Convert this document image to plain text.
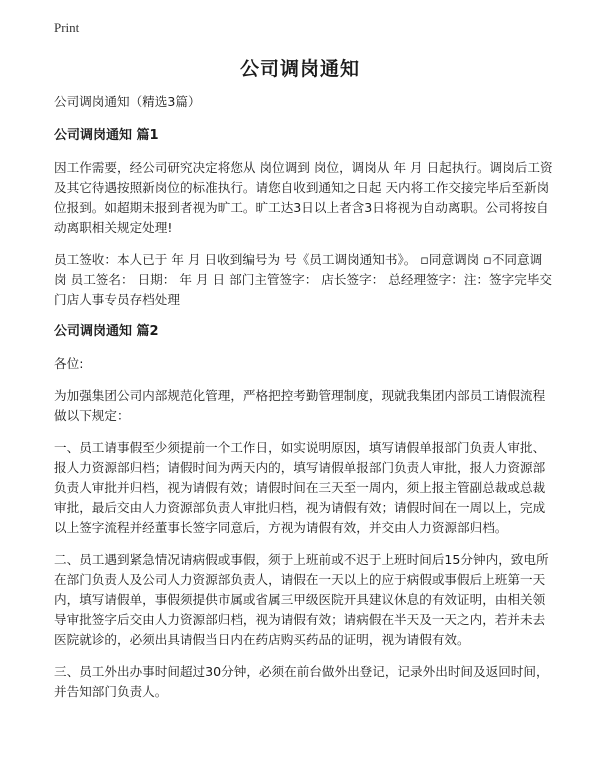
Print
公司调岗通知

公司调岗通知（精选3篇）

公司调岗通知 篇1

因工作需要，经公司研究决定将您从 岗位调到 岗位，调岗从 年 月 日起执行。调岗后工资及其它待遇按照新岗位的标准执行。请您自收到通知之日起 天内将工作交接完毕后至新岗位报到。如超期未报到者视为旷工。旷工达3日以上者含3日将视为自动离职。公司将按自动离职相关规定处理!

员工签收：本人已于 年 月 日收到编号为 号《员工调岗通知书》。 ▫同意调岗 ▫不同意调岗 员工签名： 日期： 年 月 日 部门主管签字： 店长签字： 总经理签字：注：签字完毕交门店人事专员存档处理

公司调岗通知 篇2

各位:

为加强集团公司内部规范化管理，严格把控考勤管理制度，现就我集团内部员工请假流程做以下规定：

一、员工请事假至少须提前一个工作日，如实说明原因，填写请假单报部门负责人审批、报人力资源部归档；请假时间为两天内的，填写请假单报部门负责人审批，报人力资源部负责人审批并归档，视为请假有效；请假时间在三天至一周内，须上报主管副总裁或总裁审批，最后交由人力资源部负责人审批归档，视为请假有效；请假时间在一周以上，完成以上签字流程并经董事长签字同意后，方视为请假有效，并交由人力资源部归档。

二、员工遇到紧急情况请病假或事假，须于上班前或不迟于上班时间后15分钟内，致电所在部门负责人及公司人力资源部负责人，请假在一天以上的应于病假或事假后上班第一天内，填写请假单，事假须提供市属或省属三甲级医院开具建议休息的有效证明，由相关领导审批签字后交由人力资源部归档，视为请假有效；请病假在半天及一天之内，若并未去医院就诊的，必须出具请假当日内在药店购买药品的证明，视为请假有效。

三、员工外出办事时间超过30分钟，必须在前台做外出登记，记录外出时间及返回时间，并告知部门负责人。
